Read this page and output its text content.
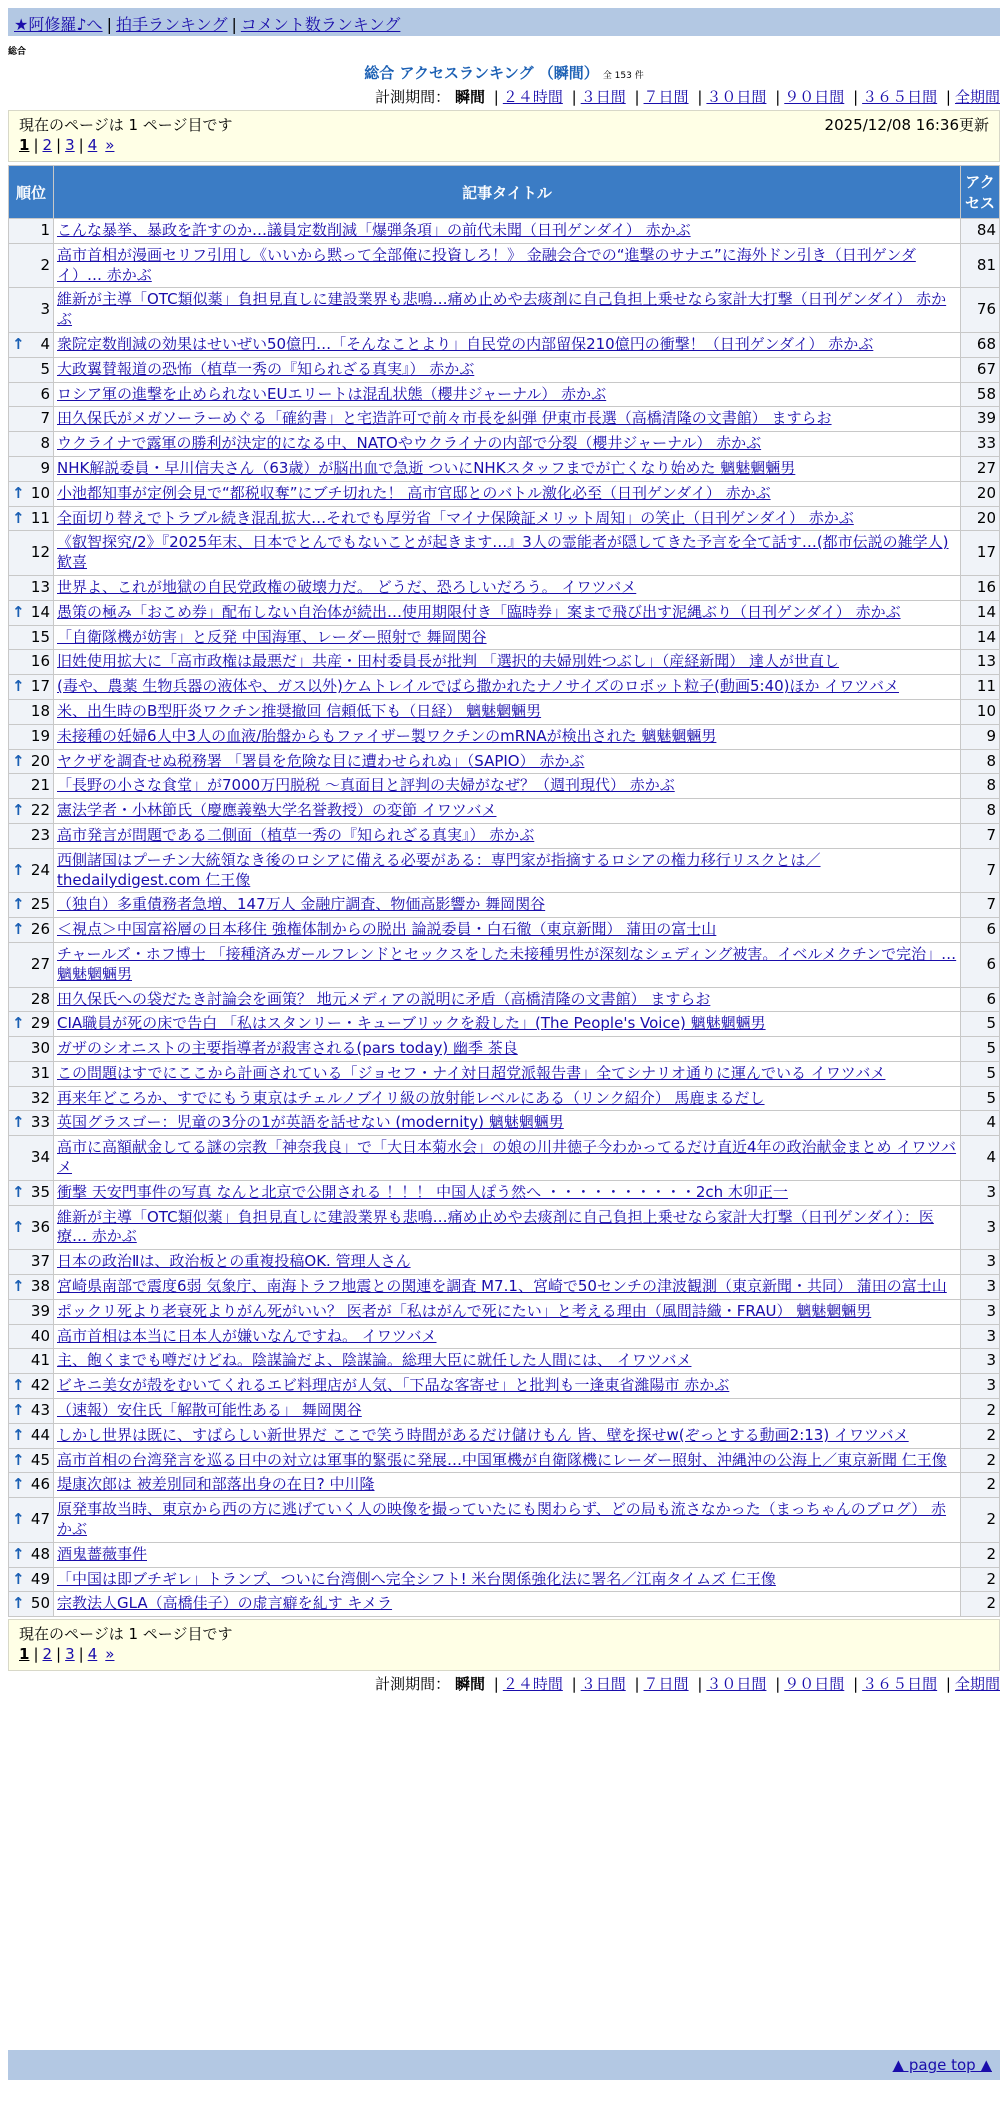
★阿修羅♪へ | 拍手ランキング | コメント数ランキング
総合
総合 アクセスランキング （瞬間） 全 153 件
計測期間： 瞬間 | ２４時間 | ３日間 | ７日間 | ３０日間 | ９０日間 | ３６５日間 | 全期間
現在のページは 1 ページ目です	2025/12/08 16:36更新
1 | 2 | 3 | 4 »
順位	記事タイトル	アクセス
1	こんな暴挙、暴政を許すのか…議員定数削減「爆弾条項」の前代未聞（日刊ゲンダイ） 赤かぶ	84
2	高市首相が漫画セリフ引用し《いいから黙って全部俺に投資しろ！》 金融会合での“進撃のサナエ”に海外ドン引き（日刊ゲンダイ）… 赤かぶ	81
3	維新が主導「OTC類似薬」負担見直しに建設業界も悲鳴…痛め止めや去痰剤に自己負担上乗せなら家計大打撃（日刊ゲンダイ） 赤かぶ	76

↑ 4	衆院定数削減の効果はせいぜい50億円…「そんなことより」自民党の内部留保210億円の衝撃！（日刊ゲンダイ） 赤かぶ	68
5	大政翼賛報道の恐怖（植草一秀の『知られざる真実』） 赤かぶ	67
6	ロシア軍の進撃を止められないEUエリートは混乱状態（櫻井ジャーナル） 赤かぶ	58
7	田久保氏がメガソーラーめぐる「確約書」と宅造許可で前々市長を糾弾 伊東市長選（高橋清隆の文書館） ますらお	39
8	ウクライナで露軍の勝利が決定的になる中、NATOやウクライナの内部で分裂（櫻井ジャーナル） 赤かぶ	33
9	NHK解説委員・早川信夫さん（63歳）が脳出血で急逝 ついにNHKスタッフまでが亡くなり始めた 魑魅魍魎男	27

↑ 10	小池都知事が定例会見で“都税収奪”にブチ切れた！ 高市官邸とのバトル激化必至（日刊ゲンダイ） 赤かぶ	20

↑ 11	全面切り替えでトラブル続き混乱拡大…それでも厚労省「マイナ保険証メリット周知」の笑止（日刊ゲンダイ） 赤かぶ	20
12	《叡智探究/2》『2025年末、日本でとんでもないことが起きます…』3人の霊能者が隠してきた予言を全て話す…(都市伝説の雑学人) 歓喜	17
13	世界よ、これが地獄の自民党政権の破壊力だ。 どうだ、恐ろしいだろう。 イワツバメ	16

↑ 14	愚策の極み「おこめ券」配布しない自治体が続出…使用期限付き「臨時券」案まで飛び出す泥縄ぶり（日刊ゲンダイ） 赤かぶ	14
15	「自衛隊機が妨害」と反発 中国海軍、レーダー照射で 舞岡関谷	14
16	旧姓使用拡大に「高市政権は最悪だ」共産・田村委員長が批判 「選択的夫婦別姓つぶし」（産経新聞） 達人が世直し	13

↑ 17	(毒や、農薬 生物兵器の液体や、ガス以外)ケムトレイルでばら撒かれたナノサイズのロボット粒子(動画5:40)ほか イワツバメ	11
18	米、出生時のB型肝炎ワクチン推奨撤回 信頼低下も（日経） 魑魅魍魎男	10
19	未接種の妊婦6人中3人の血液/胎盤からもファイザー製ワクチンのmRNAが検出された 魑魅魍魎男	9

↑ 20	ヤクザを調査せぬ税務署 「署員を危険な目に遭わせられぬ」（SAPIO） 赤かぶ	8
21	「長野の小さな食堂」が7000万円脱税 ～真面目と評判の夫婦がなぜ？（週刊現代） 赤かぶ	8

↑ 22	憲法学者・小林節氏（慶應義塾大学名誉教授）の変節 イワツバメ	8
23	高市発言が問題である二側面（植草一秀の『知られざる真実』） 赤かぶ	7

↑ 24	西側諸国はプーチン大統領なき後のロシアに備える必要がある：専門家が指摘するロシアの権力移行リスクとは／thedailydigest.com 仁王像	7

↑ 25	（独自）多重債務者急増、147万人 金融庁調査、物価高影響か 舞岡関谷	7

↑ 26	＜視点＞中国富裕層の日本移住 強権体制からの脱出 論説委員・白石徹（東京新聞） 蒲田の富士山	6
27	チャールズ・ホフ博士 「接種済みガールフレンドとセックスをした未接種男性が深刻なシェディング被害。イベルメクチンで完治」… 魑魅魍魎男	6
28	田久保氏への袋だたき討論会を画策？ 地元メディアの説明に矛盾（高橋清隆の文書館） ますらお	6

↑ 29	CIA職員が死の床で告白 「私はスタンリー・キューブリックを殺した」(The People's Voice) 魑魅魍魎男	5
30	ガザのシオニストの主要指導者が殺害される(pars today) 幽季 茶良	5
31	この問題はすでにここから計画されている「ジョセフ・ナイ対日超党派報告書」全てシナリオ通りに運んでいる イワツバメ	5
32	再来年どころか、すでにもう東京はチェルノブイリ級の放射能レベルにある（リンク紹介） 馬鹿まるだし	5

↑ 33	英国グラスゴー：児童の3分の1が英語を話せない (modernity) 魑魅魍魎男	4
34	高市に高額献金してる謎の宗教「神奈我良」で「大日本菊水会」の娘の川井徳子今わかってるだけ直近4年の政治献金まとめ イワツバメ	4

↑ 35	衝撃 天安門事件の写真 なんと北京で公開される ！！！ 中国人ぽう然へ ・・・・・・・・・・2ch 木卯正一	3

↑ 36	維新が主導「OTC類似薬」負担見直しに建設業界も悲鳴…痛め止めや去痰剤に自己負担上乗せなら家計大打撃（日刊ゲンダイ）：医療… 赤かぶ	3
37	日本の政治Ⅱは、政治板との重複投稿OK. 管理人さん	3

↑ 38	宮崎県南部で震度6弱 気象庁、南海トラフ地震との関連を調査 M7.1、宮崎で50センチの津波観測（東京新聞・共同） 蒲田の富士山	3
39	ポックリ死より老衰死よりがん死がいい？ 医者が「私はがんで死にたい」と考える理由（風間詩織・FRAU） 魑魅魍魎男	3
40	高市首相は本当に日本人が嫌いなんですね。 イワツバメ	3
41	主、飽くまでも噂だけどね。陰謀論だよ、陰謀論。総理大臣に就任した人間には、 イワツバメ	3

↑ 42	ビキニ美女が殻をむいてくれるエビ料理店が人気、「下品な客寄せ」と批判も一逢東省濰陽市 赤かぶ	3

↑ 43	（速報）安住氏「解散可能性ある」 舞岡関谷	2

↑ 44	しかし世界は既に、すばらしい新世界だ ここで笑う時間があるだけ儲けもん 皆、壁を探せw(ぞっとする動画2:13) イワツバメ	2

↑ 45	高市首相の台湾発言を巡る日中の対立は軍事的緊張に発展…中国軍機が自衛隊機にレーダー照射、沖縄沖の公海上／東京新聞 仁王像	2

↑ 46	堤康次郎は 被差別同和部落出身の在日? 中川隆	2

↑ 47	原発事故当時、東京から西の方に逃げていく人の映像を撮っていたにも関わらず、どの局も流さなかった（まっちゃんのブログ） 赤かぶ	2

↑ 48	酒鬼薔薇事件	2

↑ 49	「中国は即ブチギレ」トランプ、ついに台湾側へ完全シフト! 米台関係強化法に署名／江南タイムズ 仁王像	2

↑ 50	宗教法人GLA（高橋佳子）の虚言癖を糺す キメラ	2
現在のページは 1 ページ目です
1 | 2 | 3 | 4 »
計測期間： 瞬間 | ２４時間 | ３日間 | ７日間 | ３０日間 | ９０日間 | ３６５日間 | 全期間
▲ page top ▲
